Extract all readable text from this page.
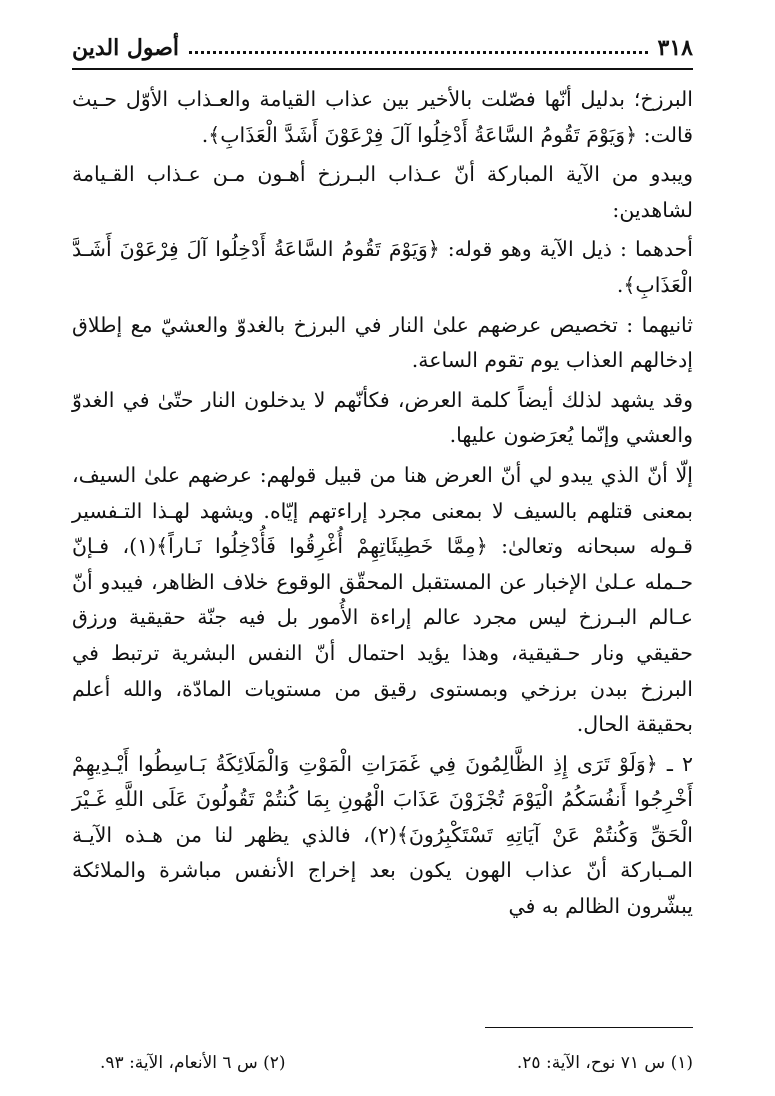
٣١٨
أصول الدين

البرزخ؛ بدليل أنّها فصّلت بالأخير بين عذاب القيامة والعـذاب الأوّل حـيث قالت: ﴿وَيَوْمَ تَقُومُ السَّاعَةُ أَدْخِلُوا آلَ فِرْعَوْنَ أَشَدَّ الْعَذَابِ﴾.

ويبدو من الآية المباركة أنّ عـذاب البـرزخ أهـون مـن عـذاب القـيامة لشاهدين:

أحدهما : ذيل الآية وهو قوله: ﴿وَيَوْمَ تَقُومُ السَّاعَةُ أَدْخِلُوا آلَ فِرْعَوْنَ أَشَـدَّ الْعَذَابِ﴾.

ثانيهما : تخصيص عرضهم علىٰ النار في البرزخ بالغدوّ والعشيّ مع إطلاق إدخالهم العذاب يوم تقوم الساعة.

وقد يشهد لذلك أيضاً كلمة العرض، فكأنّهم لا يدخلون النار حتّىٰ في الغدوّ والعشي وإنّما يُعرَضون عليها.

إلّا أنّ الذي يبدو لي أنّ العرض هنا من قبيل قولهم: عرضهم علىٰ السيف، بمعنى قتلهم بالسيف لا بمعنى مجرد إراءتهم إيّاه. ويشهد لهـذا التـفسير قـوله سبحانه وتعالىٰ: ﴿مِمَّا خَطِيئَاتِهِمْ أُغْرِقُوا فَأُدْخِلُوا نَـاراً﴾(١)، فـإنّ حـمله عـلىٰ الإخبار عن المستقبل المحقّق الوقوع خلاف الظاهر، فيبدو أنّ عـالم البـرزخ ليس مجرد عالم إراءة الأُمور بل فيه جنّة حقيقية ورزق حقيقي ونار حـقيقية، وهذا يؤيد احتمال أنّ النفس البشرية ترتبط في البرزخ ببدن برزخي وبمستوى رقيق من مستويات المادّة، والله أعلم بحقيقة الحال.

٢ ـ ﴿وَلَوْ تَرَى إِذِ الظَّالِمُونَ فِي غَمَرَاتِ الْمَوْتِ وَالْمَلَائِكَةُ بَـاسِطُوا أَيْـدِيهِمْ أَخْرِجُوا أَنفُسَكُمُ الْيَوْمَ تُجْزَوْنَ عَذَابَ الْهُونِ بِمَا كُنتُمْ تَقُولُونَ عَلَى اللَّهِ غَـيْرَ الْحَقِّ وَكُنتُمْ عَنْ آيَاتِهِ تَسْتَكْبِرُونَ﴾(٢)، فالذي يظهر لنا من هـذه الآيـة المـباركة أنّ عذاب الهون يكون بعد إخراج الأنفس مباشرة والملائكة يبشّرون الظالم به في

(١) س ٧١ نوح، الآية: ٢٥.
(٢) س ٦ الأنعام، الآية: ٩٣.
